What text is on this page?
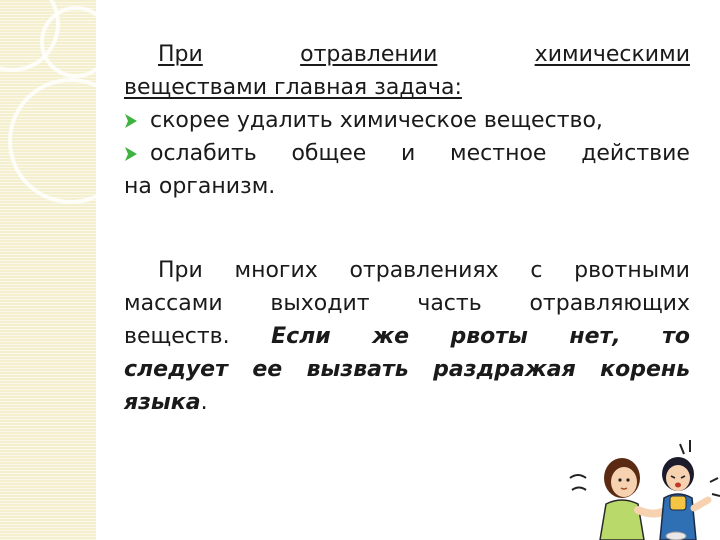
При	отравлении	химическими
веществами главная задача:
скорее удалить химическое вещество,
ослабить общее и местное действие
на организм.
При многих отравлениях с рвотными
массами выходит часть отравляющих
веществ. Если же рвоты нет, то
следует ее вызвать раздражая корень
языка.
